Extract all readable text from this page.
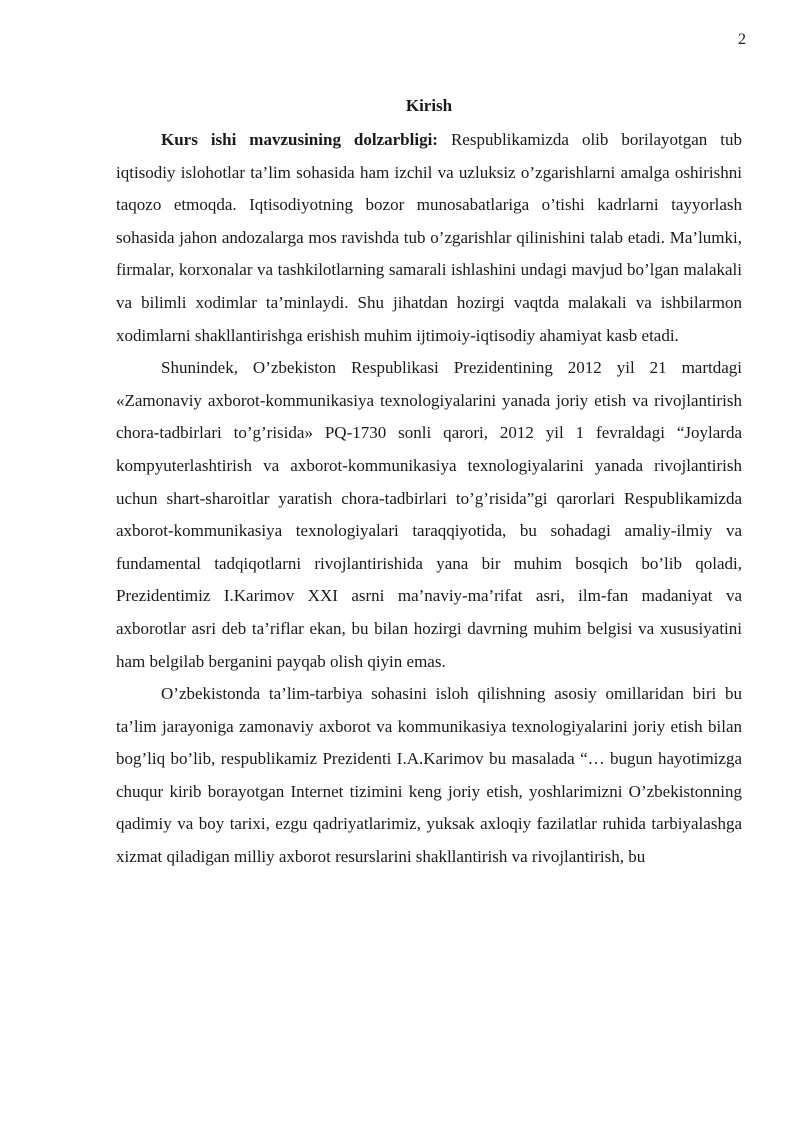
2
Kirish

Kurs ishi mavzusining dolzarbligi: Respublikamizda olib borilayotgan tub iqtisodiy islohotlar ta’lim sohasida ham izchil va uzluksiz o’zgarishlarni amalga oshirishni taqozo etmoqda. Iqtisodiyotning bozor munosabatlariga o’tishi kadrlarni tayyorlash sohasida jahon andozalarga mos ravishda tub o’zgarishlar qilinishini talab etadi. Ma’lumki, firmalar, korxonalar va tashkilotlarning samarali ishlashini undagi mavjud bo’lgan malakali va bilimli xodimlar ta’minlaydi. Shu jihatdan hozirgi vaqtda malakali va ishbilarmon xodimlarni shakllantirishga erishish muhim ijtimoiy-iqtisodiy ahamiyat kasb etadi.

Shunindek, O’zbekiston Respublikasi Prezidentining 2012 yil 21 martdagi «Zamonaviy axborot-kommunikasiya texnologiyalarini yanada joriy etish va rivojlantirish chora-tadbirlari to’g’risida» PQ-1730 sonli qarori, 2012 yil 1 fevraldagi “Joylarda kompyuterlashtirish va axborot-kommunikasiya texnologiyalarini yanada rivojlantirish uchun shart-sharoitlar yaratish chora-tadbirlari to’g’risida”gi qarorlari Respublikamizda axborot-kommunikasiya texnologiyalari taraqqiyotida, bu sohadagi amaliy-ilmiy va fundamental tadqiqotlarni rivojlantirishida yana bir muhim bosqich bo’lib qoladi, Prezidentimiz I.Karimov XXI asrni ma’naviy-ma’rifat asri, ilm-fan madaniyat va axborotlar asri deb ta’riflar ekan, bu bilan hozirgi davrning muhim belgisi va xususiyatini ham belgilab berganini payqab olish qiyin emas.

O’zbekistonda ta’lim-tarbiya sohasini isloh qilishning asosiy omillaridan biri bu ta’lim jarayoniga zamonaviy axborot va kommunikasiya texnologiyalarini joriy etish bilan bog’liq bo’lib, respublikamiz Prezidenti I.A.Karimov bu masalada “… bugun hayotimizga chuqur kirib borayotgan Internet tizimini keng joriy etish, yoshlarimizni O’zbekistonning qadimiy va boy tarixi, ezgu qadriyatlarimiz, yuksak axloqiy fazilatlar ruhida tarbiyalashga xizmat qiladigan milliy axborot resurslarini shakllantirish va rivojlantirish, bu
